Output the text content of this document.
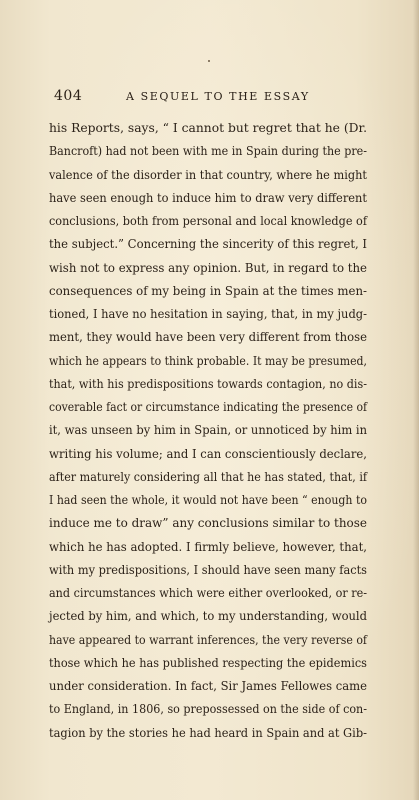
404	A SEQUEL TO THE ESSAY
his Reports, says, “ I cannot but regret that he (Dr.
Bancroft) had not been with me in Spain during the pre-
valence of the disorder in that country, where he might
have seen enough to induce him to draw very different
conclusions, both from personal and local knowledge of
the subject.” Concerning the sincerity of this regret, I
wish not to express any opinion. But, in regard to the
consequences of my being in Spain at the times men-
tioned, I have no hesitation in saying, that, in my judg-
ment, they would have been very different from those
which he appears to think probable. It may be presumed,
that, with his predispositions towards contagion, no dis-
coverable fact or circumstance indicating the presence of
it, was unseen by him in Spain, or unnoticed by him in
writing his volume; and I can conscientiously declare,
after maturely considering all that he has stated, that, if
I had seen the whole, it would not have been “ enough to
induce me to draw” any conclusions similar to those
which he has adopted. I firmly believe, however, that,
with my predispositions, I should have seen many facts
and circumstances which were either overlooked, or re-
jected by him, and which, to my understanding, would
have appeared to warrant inferences, the very reverse of
those which he has published respecting the epidemics
under consideration. In fact, Sir James Fellowes came
to England, in 1806, so prepossessed on the side of con-
tagion by the stories he had heard in Spain and at Gib-
